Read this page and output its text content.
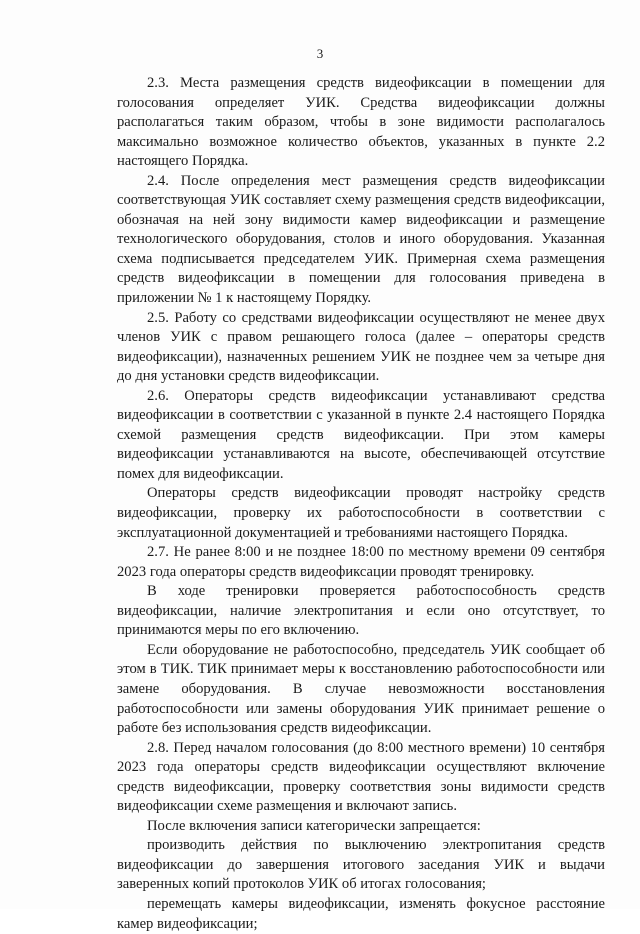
3

2.3. Места размещения средств видеофиксации в помещении для голосования определяет УИК. Средства видеофиксации должны располагаться таким образом, чтобы в зоне видимости располагалось максимально возможное количество объектов, указанных в пункте 2.2 настоящего Порядка.

2.4. После определения мест размещения средств видеофиксации соответствующая УИК составляет схему размещения средств видеофиксации, обозначая на ней зону видимости камер видеофиксации и размещение технологического оборудования, столов и иного оборудования. Указанная схема подписывается председателем УИК. Примерная схема размещения средств видеофиксации в помещении для голосования приведена в приложении № 1 к настоящему Порядку.

2.5. Работу со средствами видеофиксации осуществляют не менее двух членов УИК с правом решающего голоса (далее – операторы средств видеофиксации), назначенных решением УИК не позднее чем за четыре дня до дня установки средств видеофиксации.

2.6. Операторы средств видеофиксации устанавливают средства видеофиксации в соответствии с указанной в пункте 2.4 настоящего Порядка схемой размещения средств видеофиксации. При этом камеры видеофиксации устанавливаются на высоте, обеспечивающей отсутствие помех для видеофиксации.

Операторы средств видеофиксации проводят настройку средств видеофиксации, проверку их работоспособности в соответствии с эксплуатационной документацией и требованиями настоящего Порядка.

2.7. Не ранее 8:00 и не позднее 18:00 по местному времени 09 сентября 2023 года операторы средств видеофиксации проводят тренировку.

В ходе тренировки проверяется работоспособность средств видеофиксации, наличие электропитания и если оно отсутствует, то принимаются меры по его включению.

Если оборудование не работоспособно, председатель УИК сообщает об этом в ТИК. ТИК принимает меры к восстановлению работоспособности или замене оборудования. В случае невозможности восстановления работоспособности или замены оборудования УИК принимает решение о работе без использования средств видеофиксации.

2.8. Перед началом голосования (до 8:00 местного времени) 10 сентября 2023 года операторы средств видеофиксации осуществляют включение средств видеофиксации, проверку соответствия зоны видимости средств видеофиксации схеме размещения и включают запись.

После включения записи категорически запрещается:

производить действия по выключению электропитания средств видеофиксации до завершения итогового заседания УИК и выдачи заверенных копий протоколов УИК об итогах голосования;

перемещать камеры видеофиксации, изменять фокусное расстояние камер видеофиксации;
